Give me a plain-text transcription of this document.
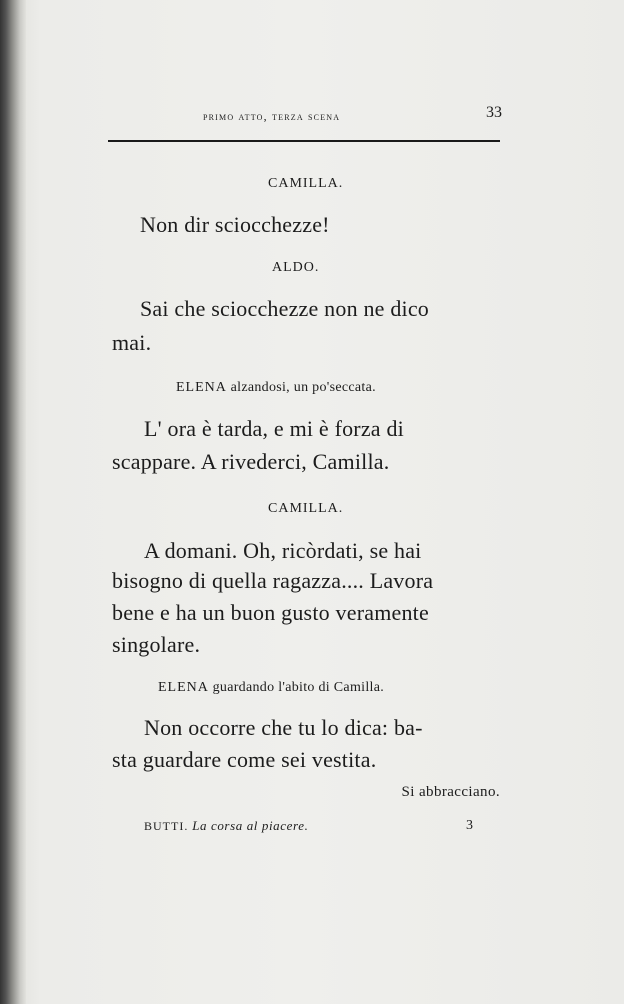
primo atto, terza scena	33
CAMILLA.
Non dir sciocchezze!
ALDO.
Sai che sciocchezze non ne dico
mai.
ELENA alzandosi, un po'seccata.
L' ora è tarda, e mi è forza di
scappare. A rivederci, Camilla.
CAMILLA.
A domani. Oh, ricòrdati, se hai
bisogno di quella ragazza.... Lavora
bene e ha un buon gusto veramente
singolare.
ELENA guardando l'abito di Camilla.
Non occorre che tu lo dica: ba-
sta guardare come sei vestita.
Si abbracciano.
BUTTI. La corsa al piacere.	3
